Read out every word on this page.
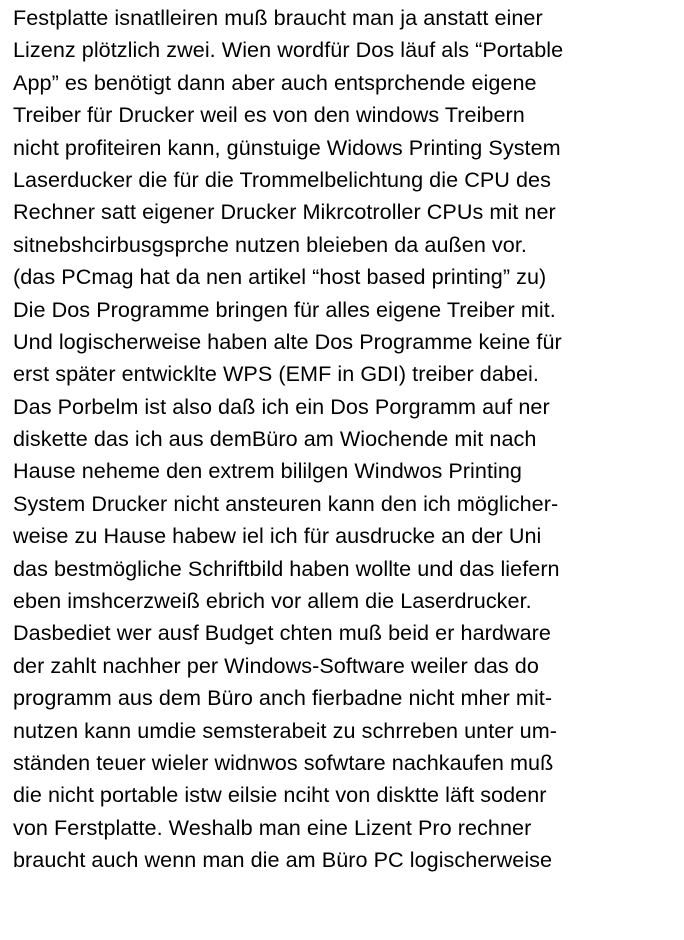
Festplatte isnatlleiren muß braucht man ja anstatt einer
Lizenz plötzlich zwei. Wien wordfür Dos läuf als “Portable
App” es benötigt dann aber auch entsprchende eigene
Treiber für Drucker weil es von den windows Treibern
nicht profiteiren kann, günstuige Widows Printing System
Laserducker die für die Trommelbelichtung die CPU des
Rechner satt eigener Drucker Mikrcotroller CPUs mit ner
sitnebshcirbusgsprche nutzen bleieben da außen vor.
(das PCmag hat da nen artikel “host based printing” zu)
Die Dos Programme bringen für alles eigene Treiber mit.
Und logischerweise haben alte Dos Programme keine für
erst später entwicklte WPS (EMF in GDI) treiber dabei.
Das Porbelm ist also daß ich ein Dos Porgramm auf ner
diskette das ich aus demBüro am Wiochende mit nach
Hause neheme den extrem bililgen Windwos Printing
System Drucker nicht ansteuren kann den ich möglicher-
weise zu Hause habew iel ich für ausdrucke an der Uni
das bestmögliche Schriftbild haben wollte und das liefern
eben imshcerzweiß ebrich vor allem die Laserdrucker.
Dasbediet wer ausf Budget chten muß beid er hardware
der zahlt nachher per Windows-Software weiler das do
programm aus dem Büro anch fierbadne nicht mher mit-
nutzen kann umdie semsterabeit zu schrreben unter um-
ständen teuer wieler widnwos sofwtare nachkaufen muß
die nicht portable istw eilsie nciht von disktte läft sodenr
von Ferstplatte. Weshalb man eine Lizent Pro rechner
braucht auch wenn man die am Büro PC logischerweise
